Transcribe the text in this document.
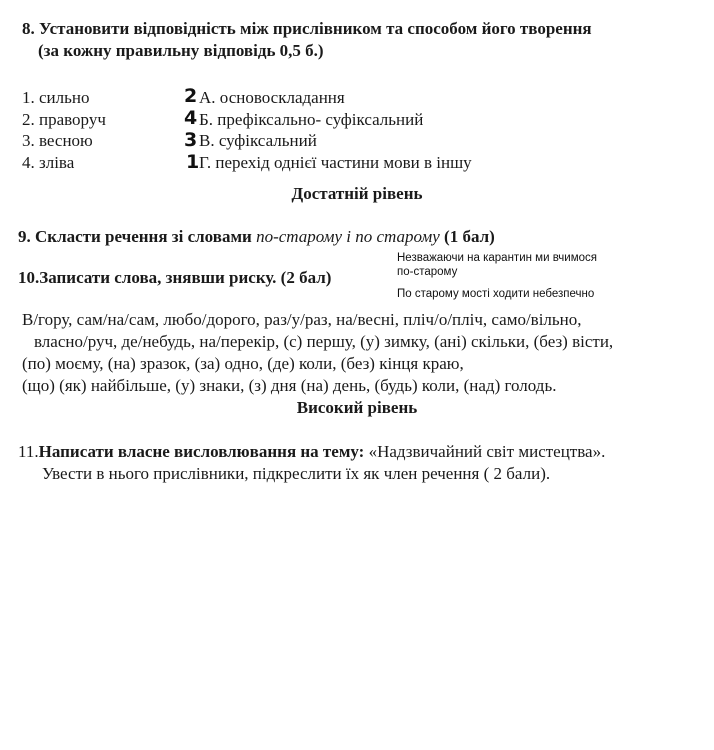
8. Установити відповідність між прислівником та способом його творення
(за кожну правильну відповідь 0,5 б.)
1. сильно
2. праворуч
3. весною
4. зліва
2
4
3
1
А. основоскладання
Б. префіксально- суфіксальний
В. суфіксальний
Г. перехід однієї частини мови в іншу
Достатній рівень
9. Скласти речення зі словами по-старому і по старому (1 бал)
10.Записати слова, знявши риску. (2 бал)
Незважаючи на карантин ми вчимося
по-старому
По старому мості ходити небезпечно
В/гору, сам/на/сам, любо/дорого, раз/у/раз, на/весні, пліч/о/пліч, само/вільно,
власно/руч, де/небудь, на/перекір, (с) першу, (у) зимку, (ані) скільки, (без) вісти,
(по) моєму, (на) зразок, (за) одно, (де) коли, (без) кінця краю,
(що) (як) найбільше, (у) знаки, (з) дня (на) день, (будь) коли, (над) голодь.
Високий рівень
11.Написати власне висловлювання на тему: «Надзвичайний світ мистецтва».
Увести в нього прислівники, підкреслити їх як член речення ( 2 бали).
